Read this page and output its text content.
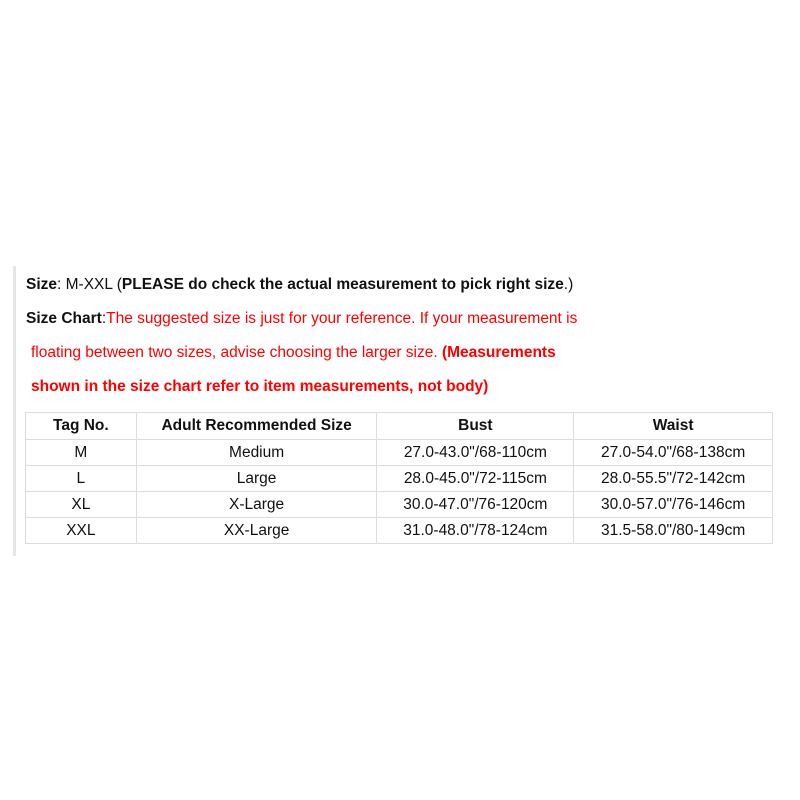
Size: M-XXL (PLEASE do check the actual measurement to pick right size.)
Size Chart:The suggested size is just for your reference. If your measurement is
floating between two sizes, advise choosing the larger size. (Measurements
shown in the size chart refer to item measurements, not body)
Tag No.	Adult Recommended Size	Bust	Waist
M	Medium	27.0-43.0"/68-110cm	27.0-54.0"/68-138cm
L	Large	28.0-45.0"/72-115cm	28.0-55.5"/72-142cm
XL	X-Large	30.0-47.0"/76-120cm	30.0-57.0"/76-146cm
XXL	XX-Large	31.0-48.0"/78-124cm	31.5-58.0"/80-149cm
